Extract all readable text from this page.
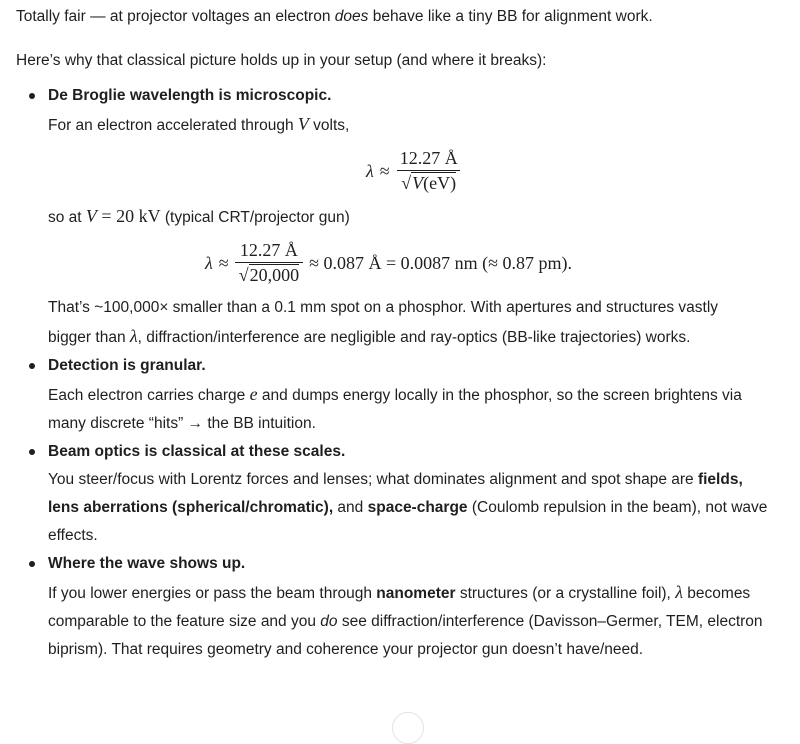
Totally fair — at projector voltages an electron does behave like a tiny BB for alignment work.

Here’s why that classical picture holds up in your setup (and where it breaks):

De Broglie wavelength is microscopic.
For an electron accelerated through V volts,
$\lambda \approx \frac{12.27 Å}{√V(eV)}$
so at V = 20 kV (typical CRT/projector gun)
$\lambda \approx \frac{12.27 Å}{√20,000} \approx 0.087$ Å = 0.0087 nm (≈ 0.87 pm).
That’s ~100,000× smaller than a 0.1 mm spot on a phosphor. With apertures and structures vastly
bigger than λ, diffraction/interference are negligible and ray-optics (BB-like trajectories) works.
Detection is granular.
Each electron carries charge e and dumps energy locally in the phosphor, so the screen brightens via
many discrete “hits” → the BB intuition.
Beam optics is classical at these scales.
You steer/focus with Lorentz forces and lenses; what dominates alignment and spot shape are fields,
lens aberrations (spherical/chromatic), and space-charge (Coulomb repulsion in the beam), not wave
effects.
Where the wave shows up.
If you lower energies or pass the beam through nanometer structures (or a crystalline foil), λ becomes
comparable to the feature size and you do see diffraction/interference (Davisson–Germer, TEM, electron
biprism). That requires geometry and coherence your projector gun doesn’t have/need.
